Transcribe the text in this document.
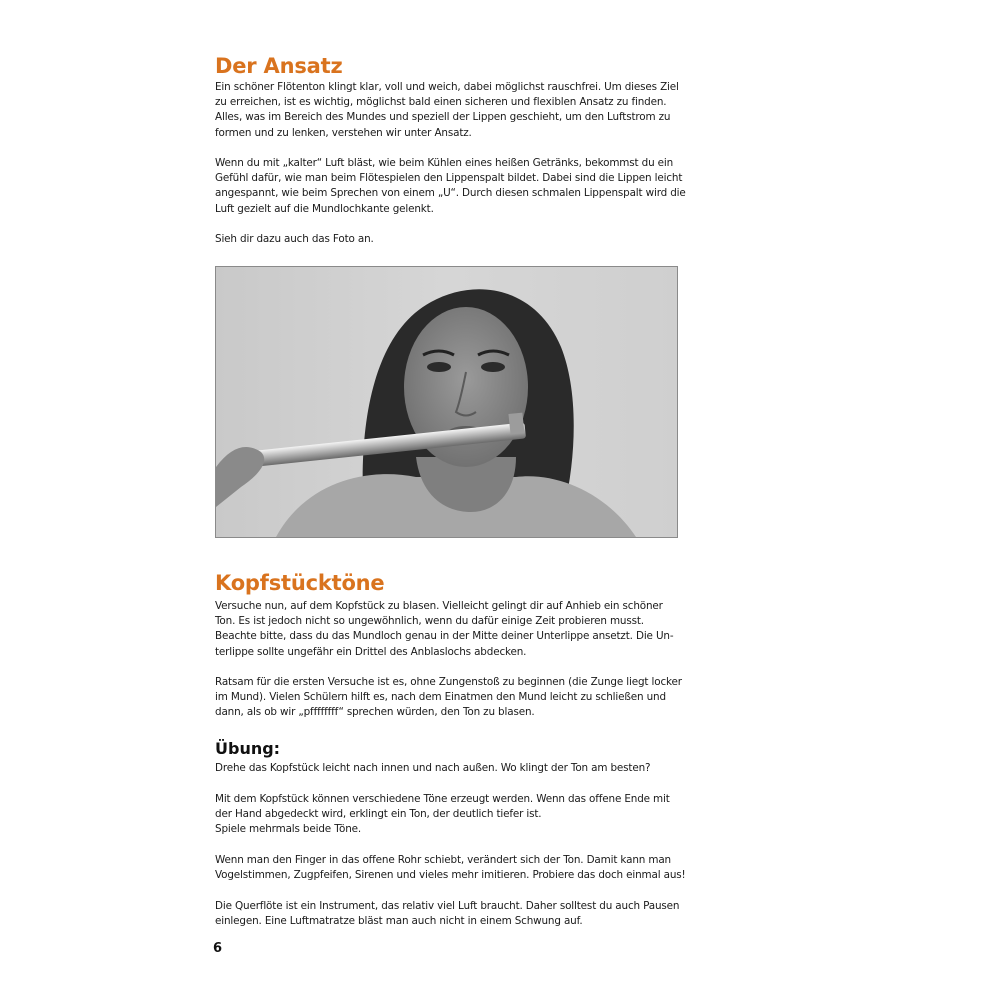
Der Ansatz
Ein schöner Flötenton klingt klar, voll und weich, dabei möglichst rauschfrei. Um dieses Ziel
zu erreichen, ist es wichtig, möglichst bald einen sicheren und flexiblen Ansatz zu finden.
Alles, was im Bereich des Mundes und speziell der Lippen geschieht, um den Luftstrom zu
formen und zu lenken, verstehen wir unter Ansatz.
Wenn du mit „kalter“ Luft bläst, wie beim Kühlen eines heißen Getränks, bekommst du ein
Gefühl dafür, wie man beim Flötespielen den Lippenspalt bildet. Dabei sind die Lippen leicht
angespannt, wie beim Sprechen von einem „U“. Durch diesen schmalen Lippenspalt wird die
Luft gezielt auf die Mundlochkante gelenkt.
Sieh dir dazu auch das Foto an.
Kopfstücktöne
Versuche nun, auf dem Kopfstück zu blasen. Vielleicht gelingt dir auf Anhieb ein schöner
Ton. Es ist jedoch nicht so ungewöhnlich, wenn du dafür einige Zeit probieren musst.
Beachte bitte, dass du das Mundloch genau in der Mitte deiner Unterlippe ansetzt. Die Un-
terlippe sollte ungefähr ein Drittel des Anblaslochs abdecken.
Ratsam für die ersten Versuche ist es, ohne Zungenstoß zu beginnen (die Zunge liegt locker
im Mund). Vielen Schülern hilft es, nach dem Einatmen den Mund leicht zu schließen und
dann, als ob wir „pffffffff“ sprechen würden, den Ton zu blasen.
Übung:
Drehe das Kopfstück leicht nach innen und nach außen. Wo klingt der Ton am besten?
Mit dem Kopfstück können verschiedene Töne erzeugt werden. Wenn das offene Ende mit
der Hand abgedeckt wird, erklingt ein Ton, der deutlich tiefer ist.
Spiele mehrmals beide Töne.
Wenn man den Finger in das offene Rohr schiebt, verändert sich der Ton. Damit kann man
Vogelstimmen, Zugpfeifen, Sirenen und vieles mehr imitieren. Probiere das doch einmal aus!
Die Querflöte ist ein Instrument, das relativ viel Luft braucht. Daher solltest du auch Pausen
einlegen. Eine Luftmatratze bläst man auch nicht in einem Schwung auf.
6
